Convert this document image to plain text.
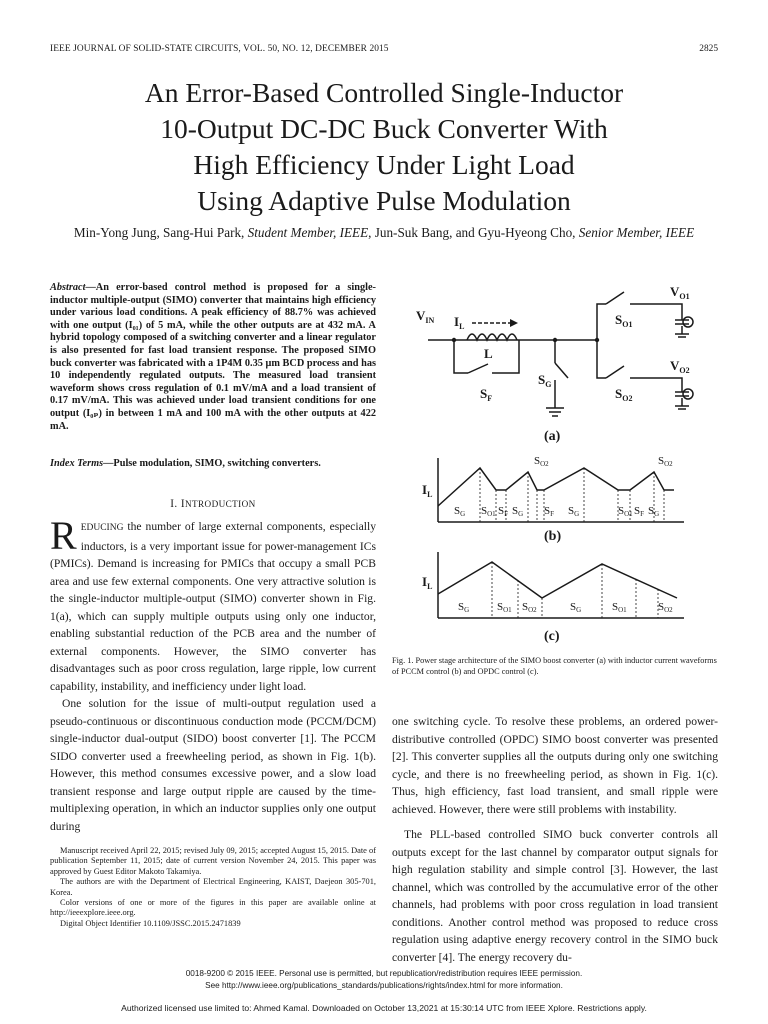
IEEE JOURNAL OF SOLID-STATE CIRCUITS, VOL. 50, NO. 12, DECEMBER 2015	2825
An Error-Based Controlled Single-Inductor
10-Output DC-DC Buck Converter With
High Efficiency Under Light Load
Using Adaptive Pulse Modulation
Min-Yong Jung, Sang-Hui Park, Student Member, IEEE, Jun-Suk Bang, and Gyu-Hyeong Cho, Senior Member, IEEE
Abstract—An error-based control method is proposed for a single-inductor multiple-output (SIMO) converter that maintains high efficiency under various load conditions. A peak efficiency of 88.7% was achieved with one output (I₀₁) of 5 mA, while the other outputs are at 432 mA. A hybrid topology composed of a switching converter and a linear regulator is also presented for fast load transient response. The proposed SIMO buck converter was fabricated with a 1P4M 0.35 μm BCD process and has 10 independently regulated outputs. The measured load transient waveform shows cross regulation of 0.1 mV/mA and a load transient of 0.17 mV/mA. This was achieved under load transient conditions for one output (I₀ₚ) in between 1 mA and 100 mA with the other outputs at 422 mA.
Index Terms—Pulse modulation, SIMO, switching converters.
I. INTRODUCTION
REDUCING the number of large external components, especially inductors, is a very important issue for power-management ICs (PMICs). Demand is increasing for PMICs that occupy a small PCB area and use few external components. One very attractive solution is the single-inductor multiple-output (SIMO) converter shown in Fig. 1(a), which can supply multiple outputs using only one inductor, enabling substantial reduction of the PCB area and the number of external components. However, the SIMO converter has disadvantages such as poor cross regulation, large ripple, low current capability, instability, and inefficiency under light load.
One solution for the issue of multi-output regulation used a pseudo-continuous or discontinuous conduction mode (PCCM/DCM) single-inductor dual-output (SIDO) boost converter [1]. The PCCM SIDO converter used a freewheeling period, as shown in Fig. 1(b). However, this method consumes excessive power, and a slow load transient response and large output ripple are caused by the time-multiplexing operation, in which an inductor supplies only one output during

Manuscript received April 22, 2015; revised July 09, 2015; accepted August 15, 2015. Date of publication September 11, 2015; date of current version November 24, 2015. This paper was approved by Guest Editor Makoto Takamiya.

The authors are with the Department of Electrical Engineering, KAIST, Daejeon 305-701, Korea.

Color versions of one or more of the figures in this paper are available online at http://ieeexplore.ieee.org.

Digital Object Identifier 10.1109/JSSC.2015.2471839

$V_{IN}$ $I_L$
L
$S_F$
$S_G$
$S_{O1}$
$S_{O2}$
$V_{O1}$
$V_{O2}$
(a)
$I_L$
SO2	SO2
SG SO1 SF SG SF SG	SO1 SF SG
(b)
$I_L$
SG	SO1 SO2	SG	SO1	SO2
(c)
Fig. 1. Power stage architecture of the SIMO boost converter (a) with inductor current waveforms of PCCM control (b) and OPDC control (c).
one switching cycle. To resolve these problems, an ordered power-distributive controlled (OPDC) SIMO boost converter was presented [2]. This converter supplies all the outputs during only one switching cycle, and there is no freewheeling period, as shown in Fig. 1(c). Thus, high efficiency, fast load transient, and small ripple were achieved. However, there were still problems with instability.
The PLL-based controlled SIMO buck converter controls all outputs except for the last channel by comparator output signals for high regulation stability and simple control [3]. However, the last channel, which was controlled by the accumulative error of the other channels, had problems with poor cross regulation in load transient conditions. Another control method was proposed to reduce cross regulation using adaptive energy recovery control in the SIMO buck converter [4]. The energy recovery du-
0018-9200 © 2015 IEEE. Personal use is permitted, but republication/redistribution requires IEEE permission.
See http://www.ieee.org/publications_standards/publications/rights/index.html for more information.
Authorized licensed use limited to: Ahmed Kamal. Downloaded on October 13,2021 at 15:30:14 UTC from IEEE Xplore. Restrictions apply.
